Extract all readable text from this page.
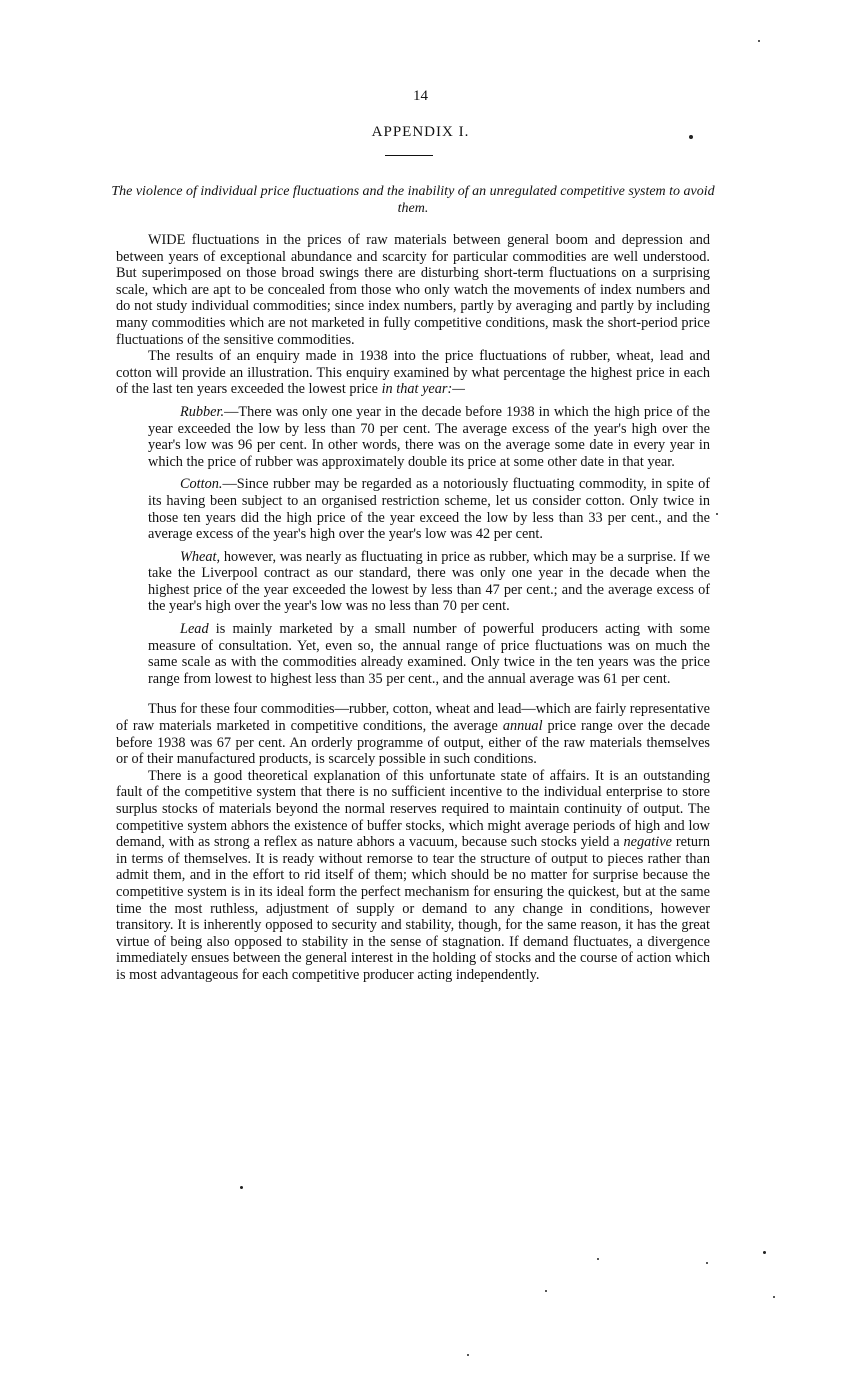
14
APPENDIX I.
The violence of individual price fluctuations and the inability of an unregulated competitive system to avoid them.

WIDE fluctuations in the prices of raw materials between general boom and depression and between years of exceptional abundance and scarcity for particular commodities are well understood. But superimposed on those broad swings there are disturbing short-term fluctuations on a surprising scale, which are apt to be concealed from those who only watch the movements of index numbers and do not study individual commodities; since index numbers, partly by averaging and partly by including many commodities which are not marketed in fully competitive conditions, mask the short-period price fluctuations of the sensitive commodities.

The results of an enquiry made in 1938 into the price fluctuations of rubber, wheat, lead and cotton will provide an illustration. This enquiry examined by what percentage the highest price in each of the last ten years exceeded the lowest price in that year:—

Rubber.—There was only one year in the decade before 1938 in which the high price of the year exceeded the low by less than 70 per cent. The average excess of the year's high over the year's low was 96 per cent. In other words, there was on the average some date in every year in which the price of rubber was approximately double its price at some other date in that year.

Cotton.—Since rubber may be regarded as a notoriously fluctuating commodity, in spite of its having been subject to an organised restriction scheme, let us consider cotton. Only twice in those ten years did the high price of the year exceed the low by less than 33 per cent., and the average excess of the year's high over the year's low was 42 per cent.

Wheat, however, was nearly as fluctuating in price as rubber, which may be a surprise. If we take the Liverpool contract as our standard, there was only one year in the decade when the highest price of the year exceeded the lowest by less than 47 per cent.; and the average excess of the year's high over the year's low was no less than 70 per cent.

Lead is mainly marketed by a small number of powerful producers acting with some measure of consultation. Yet, even so, the annual range of price fluctuations was on much the same scale as with the commodities already examined. Only twice in the ten years was the price range from lowest to highest less than 35 per cent., and the annual average was 61 per cent.

Thus for these four commodities—rubber, cotton, wheat and lead—which are fairly representative of raw materials marketed in competitive conditions, the average annual price range over the decade before 1938 was 67 per cent. An orderly programme of output, either of the raw materials themselves or of their manufactured products, is scarcely possible in such conditions.

There is a good theoretical explanation of this unfortunate state of affairs. It is an outstanding fault of the competitive system that there is no sufficient incentive to the individual enterprise to store surplus stocks of materials beyond the normal reserves required to maintain continuity of output. The competitive system abhors the existence of buffer stocks, which might average periods of high and low demand, with as strong a reflex as nature abhors a vacuum, because such stocks yield a negative return in terms of themselves. It is ready without remorse to tear the structure of output to pieces rather than admit them, and in the effort to rid itself of them; which should be no matter for surprise because the competitive system is in its ideal form the perfect mechanism for ensuring the quickest, but at the same time the most ruthless, adjustment of supply or demand to any change in conditions, however transitory. It is inherently opposed to security and stability, though, for the same reason, it has the great virtue of being also opposed to stability in the sense of stagnation. If demand fluctuates, a divergence immediately ensues between the general interest in the holding of stocks and the course of action which is most advantageous for each competitive producer acting independently.
